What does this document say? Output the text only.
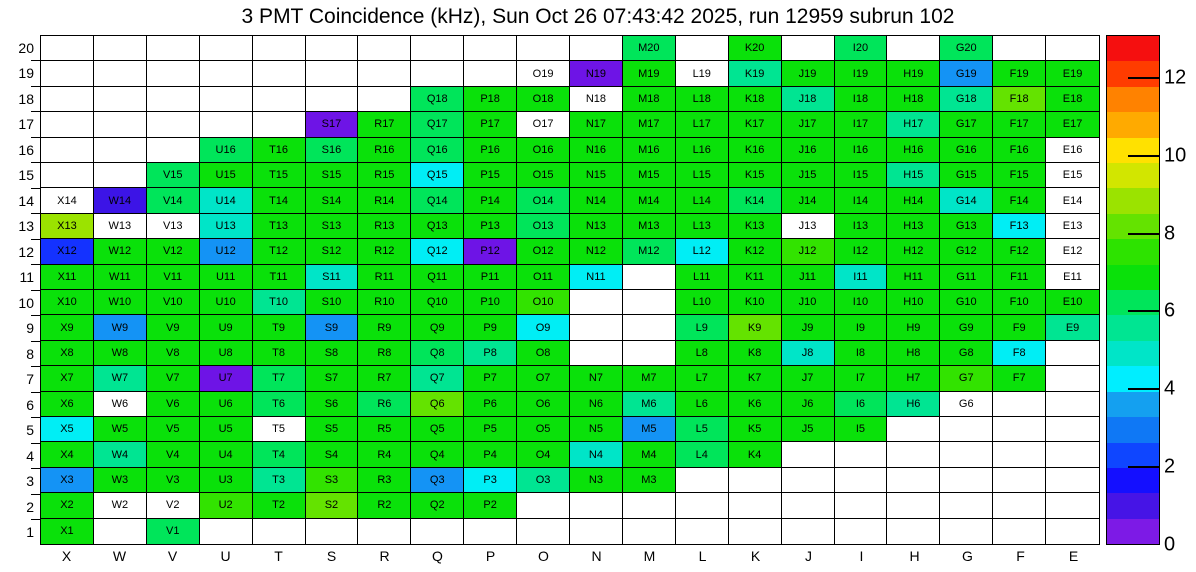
3 PMT Coincidence (kHz), Sun Oct 26 07:43:42 2025, run 12959 subrun 102
20
19
18
17
16
15
14
13
12
11
10
9
8
7
6
5
4
3
2
1
M20	K20	I20	G20
O19	N19	M19	L19	K19	J19	I19	H19	G19	F19	E19
Q18	P18	O18	N18	M18	L18	K18	J18	I18	H18	G18	F18	E18
S17	R17	Q17	P17	O17	N17	M17	L17	K17	J17	I17	H17	G17	F17	E17
U16	T16	S16	R16	Q16	P16	O16	N16	M16	L16	K16	J16	I16	H16	G16	F16	E16
V15	U15	T15	S15	R15	Q15	P15	O15	N15	M15	L15	K15	J15	I15	H15	G15	F15	E15
X14	W14	V14	U14	T14	S14	R14	Q14	P14	O14	N14	M14	L14	K14	J14	I14	H14	G14	F14	E14
X13	W13	V13	U13	T13	S13	R13	Q13	P13	O13	N13	M13	L13	K13	J13	I13	H13	G13	F13	E13
X12	W12	V12	U12	T12	S12	R12	Q12	P12	O12	N12	M12	L12	K12	J12	I12	H12	G12	F12	E12
X11	W11	V11	U11	T11	S11	R11	Q11	P11	O11	N11	L11	K11	J11	I11	H11	G11	F11	E11
X10	W10	V10	U10	T10	S10	R10	Q10	P10	O10	L10	K10	J10	I10	H10	G10	F10	E10
X9	W9	V9	U9	T9	S9	R9	Q9	P9	O9	L9	K9	J9	I9	H9	G9	F9	E9
X8	W8	V8	U8	T8	S8	R8	Q8	P8	O8	L8	K8	J8	I8	H8	G8	F8
X7	W7	V7	U7	T7	S7	R7	Q7	P7	O7	N7	M7	L7	K7	J7	I7	H7	G7	F7
X6	W6	V6	U6	T6	S6	R6	Q6	P6	O6	N6	M6	L6	K6	J6	I6	H6	G6
X5	W5	V5	U5	T5	S5	R5	Q5	P5	O5	N5	M5	L5	K5	J5	I5
X4	W4	V4	U4	T4	S4	R4	Q4	P4	O4	N4	M4	L4	K4
X3	W3	V3	U3	T3	S3	R3	Q3	P3	O3	N3	M3
X2	W2	V2	U2	T2	S2	R2	Q2	P2
X1	V1
X	W	V	U	T	S	R	Q	P	O	N	M	L	K	J	I	H	G	F	E
0
2
4
6
8
10
12
